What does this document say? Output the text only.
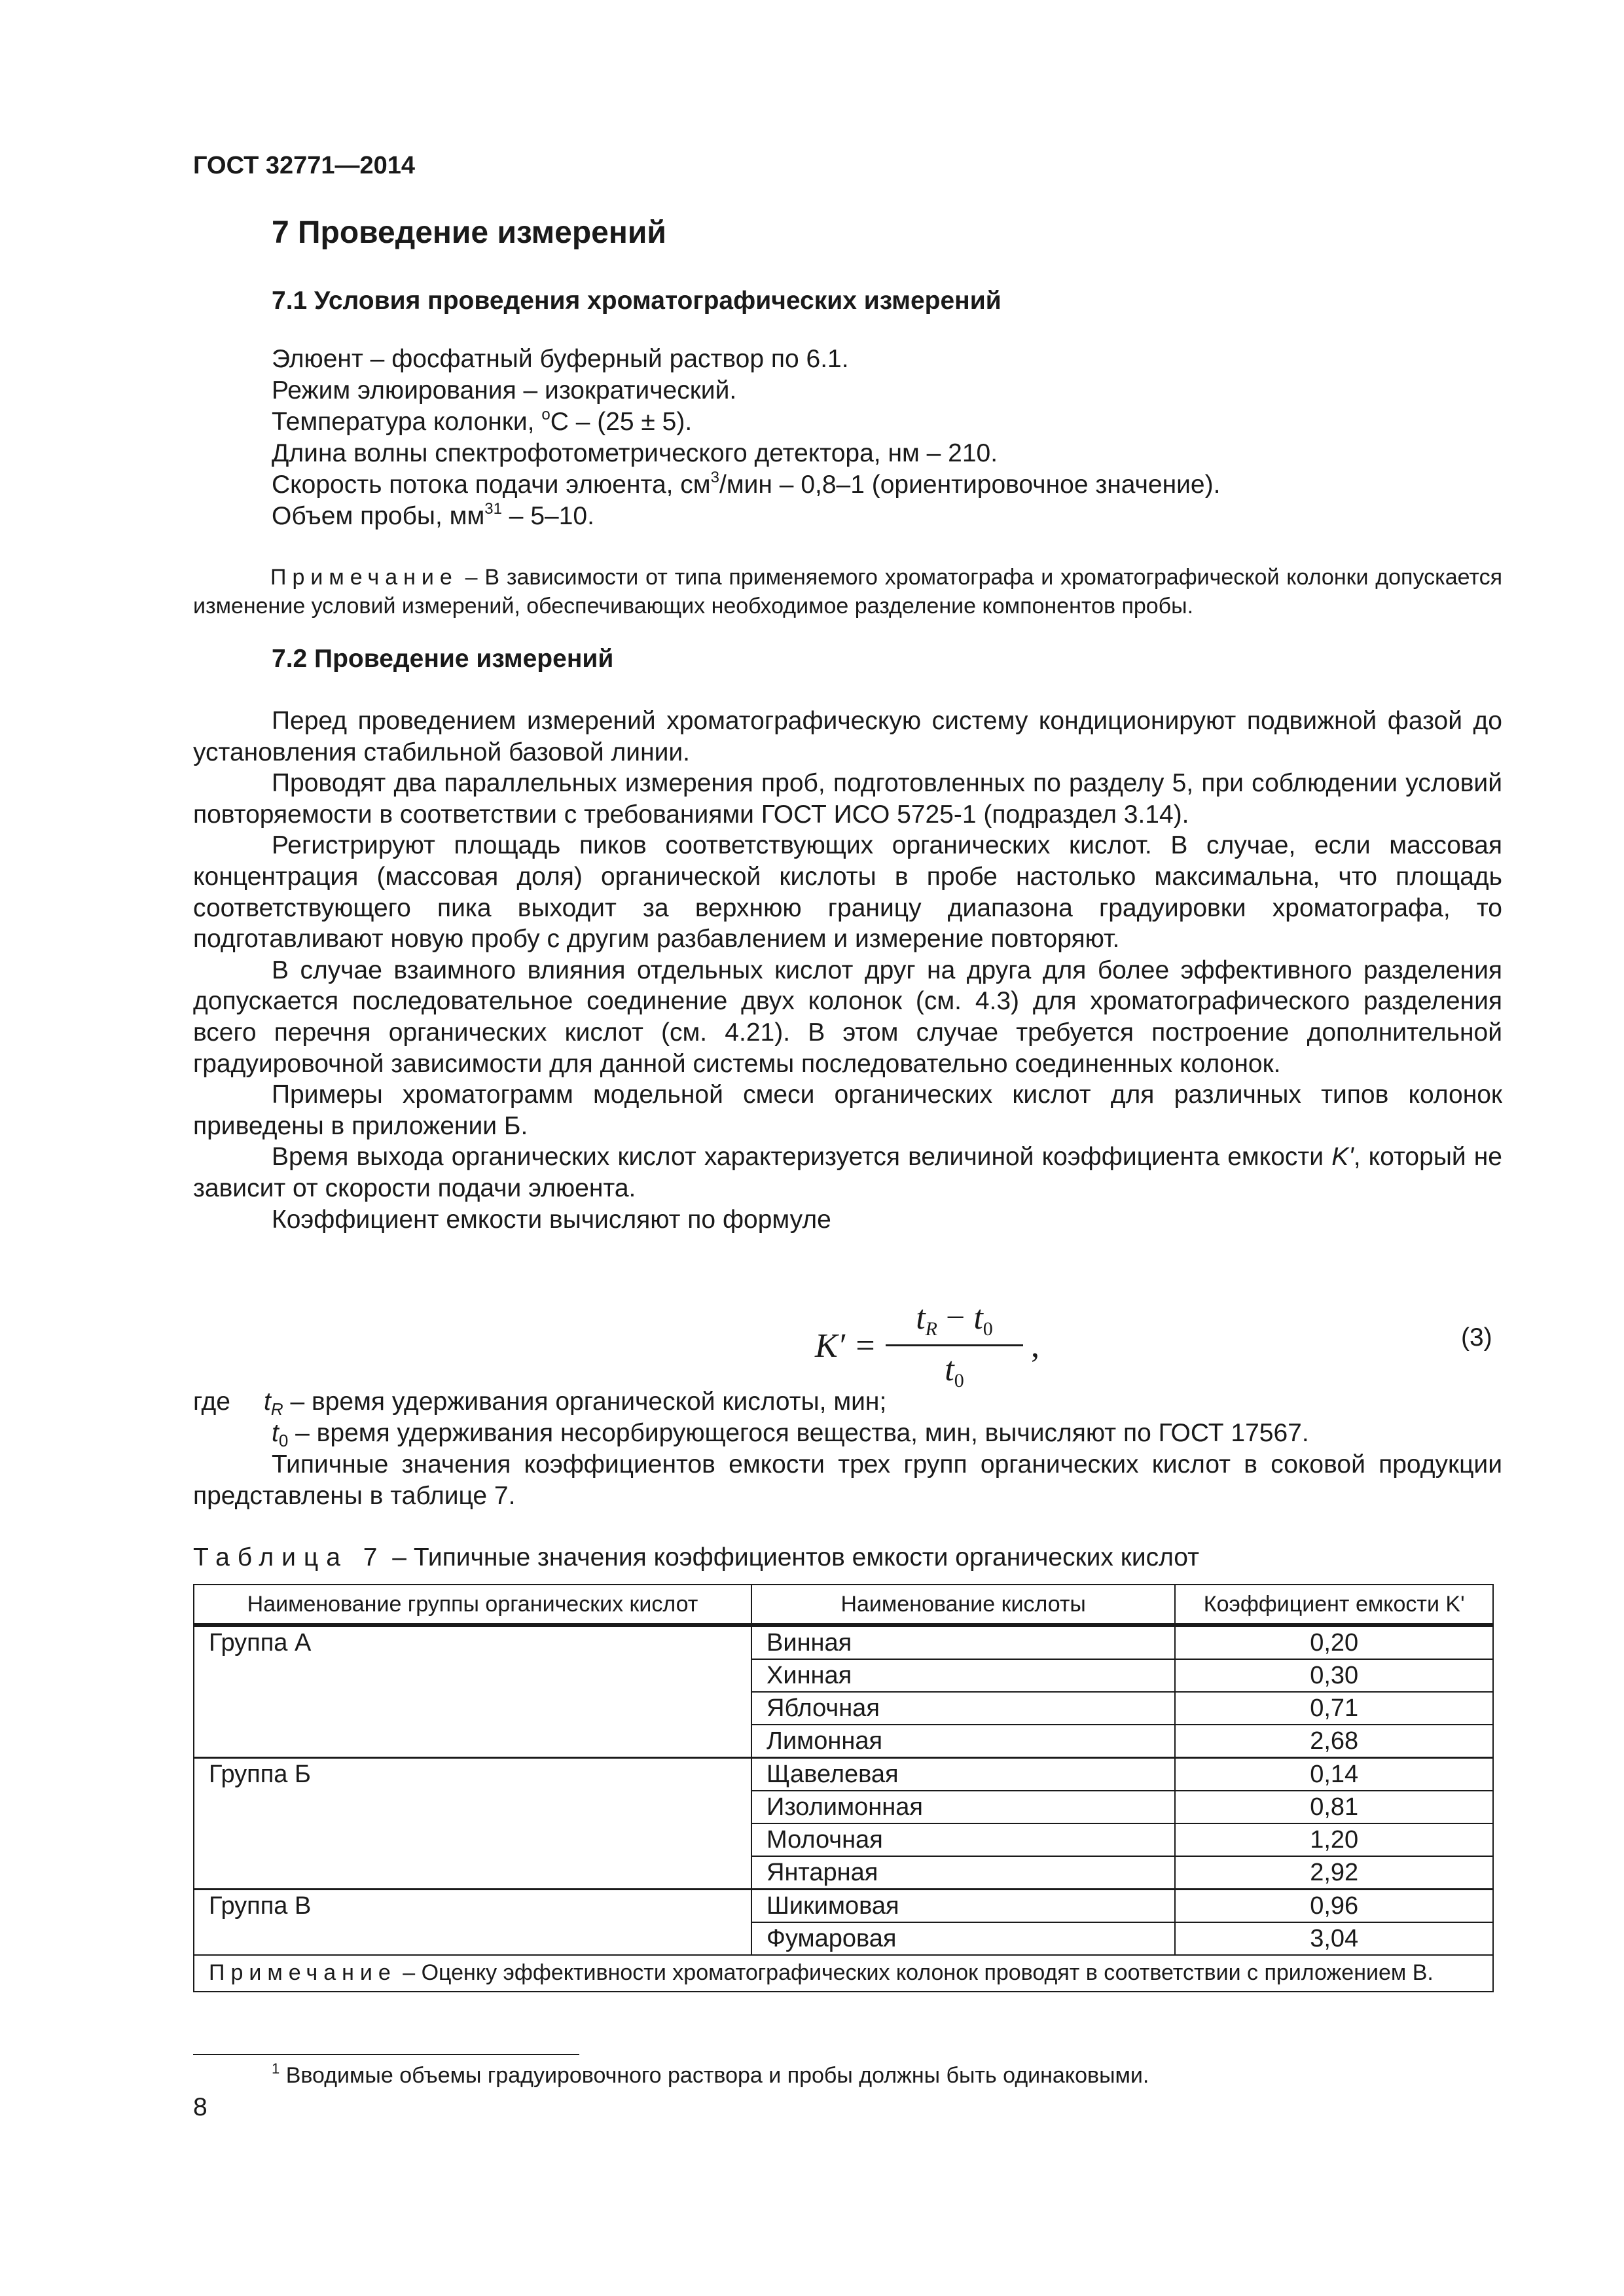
ГОСТ 32771—2014
7 Проведение измерений
7.1 Условия проведения хроматографических измерений
Элюент – фосфатный буферный раствор по 6.1.
Режим элюирования – изократический.
Температура колонки, $^o$С – (25 ± 5).
Длина волны спектрофотометрического детектора, нм – 210.
Скорость потока подачи элюента, $см^3$/мин – 0,8–1 (ориентировочное значение).
Объем пробы, $мм^{31} - 5-10$.
Примечание – В зависимости от типа применяемого хроматографа и хроматографической колонки допускается изменение условий измерений, обеспечивающих необходимое разделение компонентов пробы.
7.2 Проведение измерений

Перед проведением измерений хроматографическую систему кондиционируют подвижной фазой до установления стабильной базовой линии.

Проводят два параллельных измерения проб, подготовленных по разделу 5, при соблюдении условий повторяемости в соответствии с требованиями ГОСТ ИСО 5725-1 (подраздел 3.14).

Регистрируют площадь пиков соответствующих органических кислот. В случае, если массовая концентрация (массовая доля) органической кислоты в пробе настолько максимальна, что площадь соответствующего пика выходит за верхнюю границу диапазона градуировки хроматографа, то подготавливают новую пробу с другим разбавлением и измерение повторяют.

В случае взаимного влияния отдельных кислот друг на друга для более эффективного разделения допускается последовательное соединение двух колонок (см. 4.3) для хроматографического разделения всего перечня органических кислот (см. 4.21). В этом случае требуется построение дополнительной градуировочной зависимости для данной системы последовательно соединенных колонок.

Примеры хроматограмм модельной смеси органических кислот для различных типов колонок приведены в приложении Б.

Время выхода органических кислот характеризуется величиной коэффициента емкости K', который не зависит от скорости подачи элюента.

Коэффициент емкости вычисляют по формуле

K′ =
tR − t0
t0
,	(3)
где $t_R$ – время удерживания органической кислоты, мин;
$t_0$ – время удерживания несорбирующегося вещества, мин, вычисляют по ГОСТ 17567.
Типичные значения коэффициентов емкости трех групп органических кислот в соковой продукции представлены в таблице 7.
Таблица 7 – Типичные значения коэффициентов емкости органических кислот
Наименование группы органических кислот	Наименование кислоты	Коэффициент емкости K'
Группа А	Винная	0,20
	Хинная	0,30
	Яблочная	0,71
	Лимонная	2,68
Группа Б	Щавелевая	0,14
	Изолимонная	0,81
	Молочная	1,20
	Янтарная	2,92
Группа В	Шикимовая	0,96
	Фумаровая	3,04
Примечание – Оценку эффективности хроматографических колонок проводят в соответствии с приложением В.		
$^1$ Вводимые объемы градуировочного раствора и пробы должны быть одинаковыми.
8
